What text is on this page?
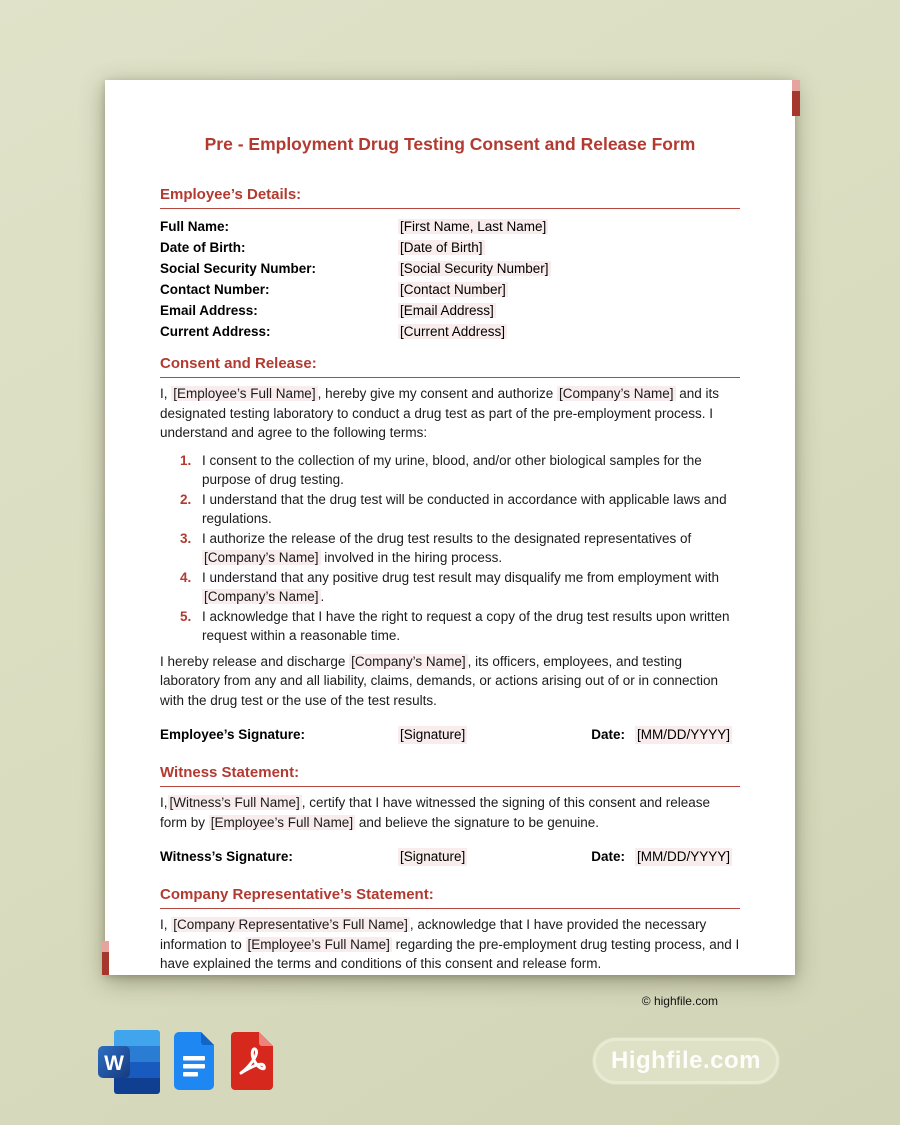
Pre - Employment Drug Testing Consent and Release Form
Employee’s Details:
Full Name:	[First Name, Last Name]
Date of Birth:	[Date of Birth]
Social Security Number:	[Social Security Number]
Contact Number:	[Contact Number]
Email Address:	[Email Address]
Current Address:	[Current Address]
Consent and Release:

I, [Employee’s Full Name] , hereby give my consent and authorize [Company’s Name] and its designated testing laboratory to conduct a drug test as part of the pre-employment process. I understand and agree to the following terms:

I consent to the collection of my urine, blood, and/or other biological samples for the purpose of drug testing.
I understand that the drug test will be conducted in accordance with applicable laws and regulations.
I authorize the release of the drug test results to the designated representatives of [Company’s Name] involved in the hiring process.
I understand that any positive drug test result may disqualify me from employment with [Company’s Name] .
I acknowledge that I have the right to request a copy of the drug test results upon written request within a reasonable time.

I hereby release and discharge [Company’s Name] , its officers, employees, and testing laboratory from any and all liability, claims, demands, or actions arising out of or in connection with the drug test or the use of the test results.

Employee’s Signature:	[Signature]	Date: [MM/DD/YYYY]
Witness Statement:

I, [Witness’s Full Name] , certify that I have witnessed the signing of this consent and release form by [Employee’s Full Name] and believe the signature to be genuine.

Witness’s Signature:	[Signature]	Date: [MM/DD/YYYY]
Company Representative’s Statement:

I, [Company Representative’s Full Name] , acknowledge that I have provided the necessary information to [Employee’s Full Name] regarding the pre-employment drug testing process, and I have explained the terms and conditions of this consent and release form.

© highfile.com
W	Highfile.com
